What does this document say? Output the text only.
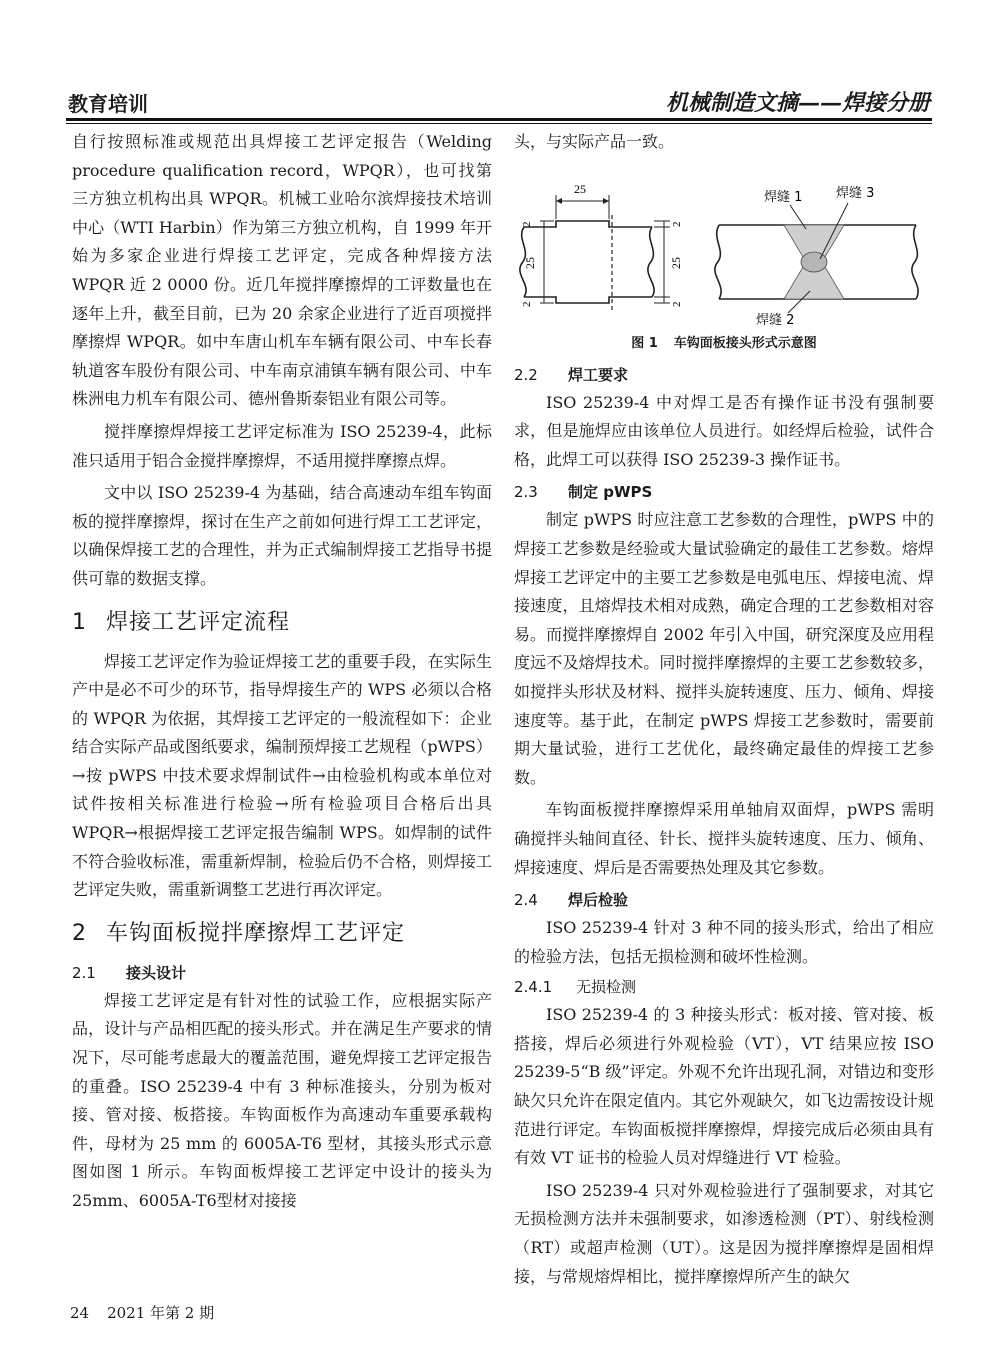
教育培训	机械制造文摘——焊接分册

自行按照标准或规范出具焊接工艺评定报告（Welding procedure qualification record，WPQR），也可找第三方独立机构出具 WPQR。机械工业哈尔滨焊接技术培训中心（WTI Harbin）作为第三方独立机构，自 1999 年开始为多家企业进行焊接工艺评定，完成各种焊接方法 WPQR 近 2 0000 份。近几年搅拌摩擦焊的工评数量也在逐年上升，截至目前，已为 20 余家企业进行了近百项搅拌摩擦焊 WPQR。如中车唐山机车车辆有限公司、中车长春轨道客车股份有限公司、中车南京浦镇车辆有限公司、中车株洲电力机车有限公司、德州鲁斯泰铝业有限公司等。

搅拌摩擦焊焊接工艺评定标准为 ISO 25239-4，此标准只适用于铝合金搅拌摩擦焊，不适用搅拌摩擦点焊。

文中以 ISO 25239-4 为基础，结合高速动车组车钩面板的搅拌摩擦焊，探讨在生产之前如何进行焊工工艺评定，以确保焊接工艺的合理性，并为正式编制焊接工艺指导书提供可靠的数据支撑。

1 焊接工艺评定流程

焊接工艺评定作为验证焊接工艺的重要手段，在实际生产中是必不可少的环节，指导焊接生产的 WPS 必须以合格的 WPQR 为依据，其焊接工艺评定的一般流程如下：企业结合实际产品或图纸要求，编制预焊接工艺规程（pWPS）→按 pWPS 中技术要求焊制试件→由检验机构或本单位对试件按相关标准进行检验→所有检验项目合格后出具 WPQR→根据焊接工艺评定报告编制 WPS。如焊制的试件不符合验收标准，需重新焊制，检验后仍不合格，则焊接工艺评定失败，需重新调整工艺进行再次评定。

2 车钩面板搅拌摩擦焊工艺评定
2.1 接头设计

焊接工艺评定是有针对性的试验工作，应根据实际产品，设计与产品相匹配的接头形式。并在满足生产要求的情况下，尽可能考虑最大的覆盖范围，避免焊接工艺评定报告的重叠。ISO 25239-4 中有 3 种标准接头，分别为板对接、管对接、板搭接。车钩面板作为高速动车重要承载构件，母材为 25 mm 的 6005A-T6 型材，其接头形式示意图如图 1 所示。车钩面板焊接工艺评定中设计的接头为25mm、6005A-T6型材对接接

头，与实际产品一致。

25
2
25
2
2
25
2
焊缝 1	焊缝 3
焊缝 2
图 1 车钩面板接头形式示意图
2.2 焊工要求

ISO 25239-4 中对焊工是否有操作证书没有强制要求，但是施焊应由该单位人员进行。如经焊后检验，试件合格，此焊工可以获得 ISO 25239-3 操作证书。

2.3 制定 pWPS

制定 pWPS 时应注意工艺参数的合理性，pWPS 中的焊接工艺参数是经验或大量试验确定的最佳工艺参数。熔焊焊接工艺评定中的主要工艺参数是电弧电压、焊接电流、焊接速度，且熔焊技术相对成熟，确定合理的工艺参数相对容易。而搅拌摩擦焊自 2002 年引入中国，研究深度及应用程度远不及熔焊技术。同时搅拌摩擦焊的主要工艺参数较多，如搅拌头形状及材料、搅拌头旋转速度、压力、倾角、焊接速度等。基于此，在制定 pWPS 焊接工艺参数时，需要前期大量试验，进行工艺优化，最终确定最佳的焊接工艺参数。

车钩面板搅拌摩擦焊采用单轴肩双面焊，pWPS 需明确搅拌头轴间直径、针长、搅拌头旋转速度、压力、倾角、焊接速度、焊后是否需要热处理及其它参数。

2.4 焊后检验

ISO 25239-4 针对 3 种不同的接头形式，给出了相应的检验方法，包括无损检测和破坏性检测。

2.4.1 无损检测

ISO 25239-4 的 3 种接头形式：板对接、管对接、板搭接，焊后必须进行外观检验（VT），VT 结果应按 ISO 25239-5“B 级”评定。外观不允许出现孔洞，对错边和变形缺欠只允许在限定值内。其它外观缺欠，如飞边需按设计规范进行评定。车钩面板搅拌摩擦焊，焊接完成后必须由具有有效 VT 证书的检验人员对焊缝进行 VT 检验。

ISO 25239-4 只对外观检验进行了强制要求，对其它无损检测方法并未强制要求，如渗透检测（PT）、射线检测（RT）或超声检测（UT）。这是因为搅拌摩擦焊是固相焊接，与常规熔焊相比，搅拌摩擦焊所产生的缺欠

24 2021 年第 2 期
